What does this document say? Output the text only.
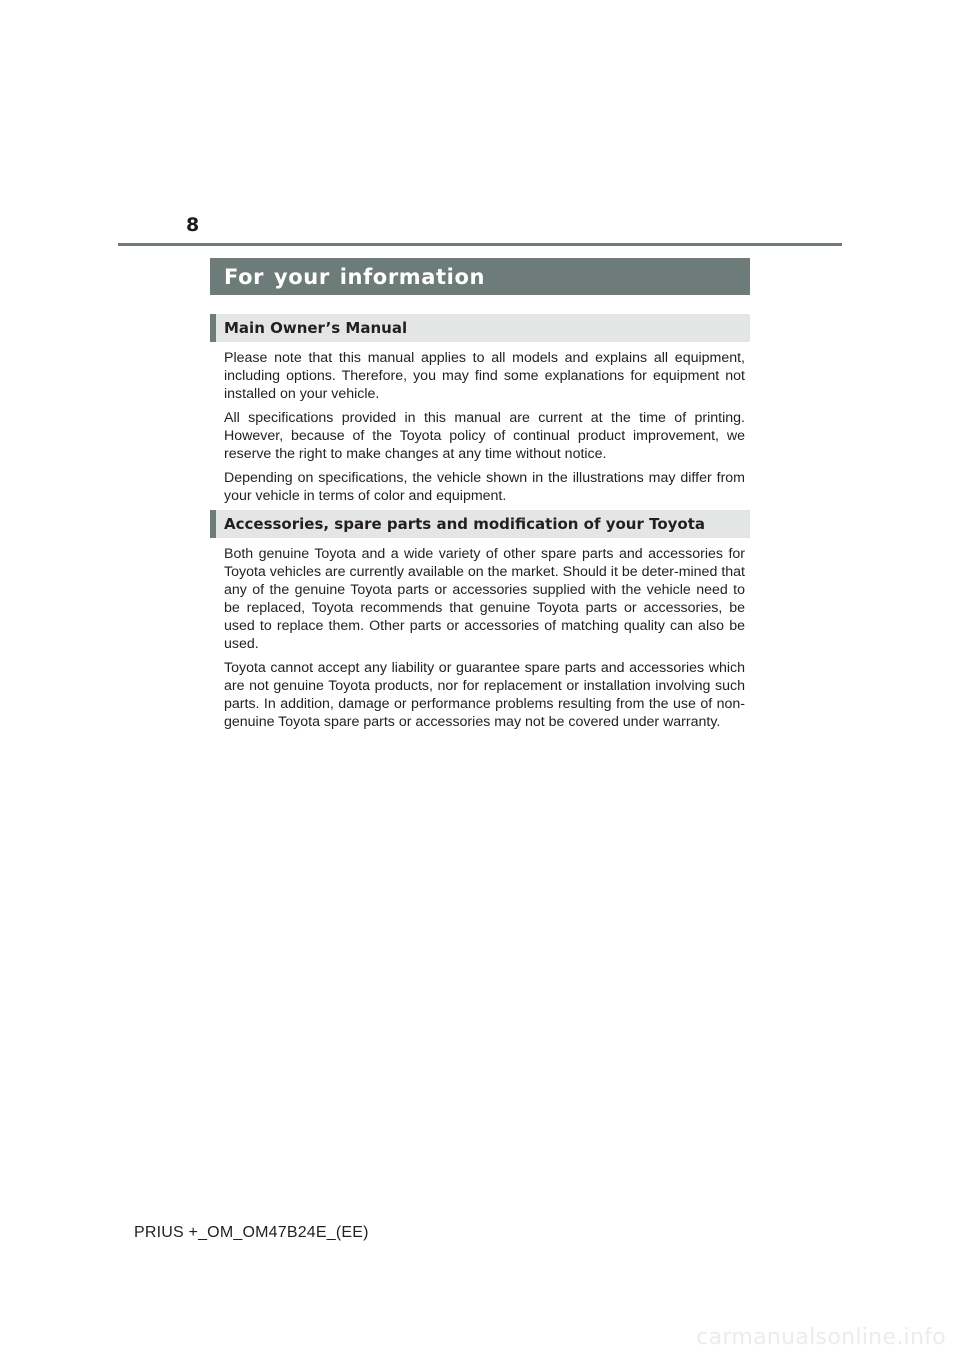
8
For your information
Main Owner’s Manual

Please note that this manual applies to all models and explains all equipment, including options. Therefore, you may find some explanations for equipment not installed on your vehicle.

All specifications provided in this manual are current at the time of printing. However, because of the Toyota policy of continual product improvement, we reserve the right to make changes at any time without notice.

Depending on specifications, the vehicle shown in the illustrations may differ from your vehicle in terms of color and equipment.

Accessories, spare parts and modification of your Toyota

Both genuine Toyota and a wide variety of other spare parts and accessories for Toyota vehicles are currently available on the market. Should it be deter-mined that any of the genuine Toyota parts or accessories supplied with the vehicle need to be replaced, Toyota recommends that genuine Toyota parts or accessories, be used to replace them. Other parts or accessories of matching quality can also be used.

Toyota cannot accept any liability or guarantee spare parts and accessories which are not genuine Toyota products, nor for replacement or installation involving such parts. In addition, damage or performance problems resulting from the use of non-genuine Toyota spare parts or accessories may not be covered under warranty.

PRIUS +_OM_OM47B24E_(EE)
carmanualsonline.info
